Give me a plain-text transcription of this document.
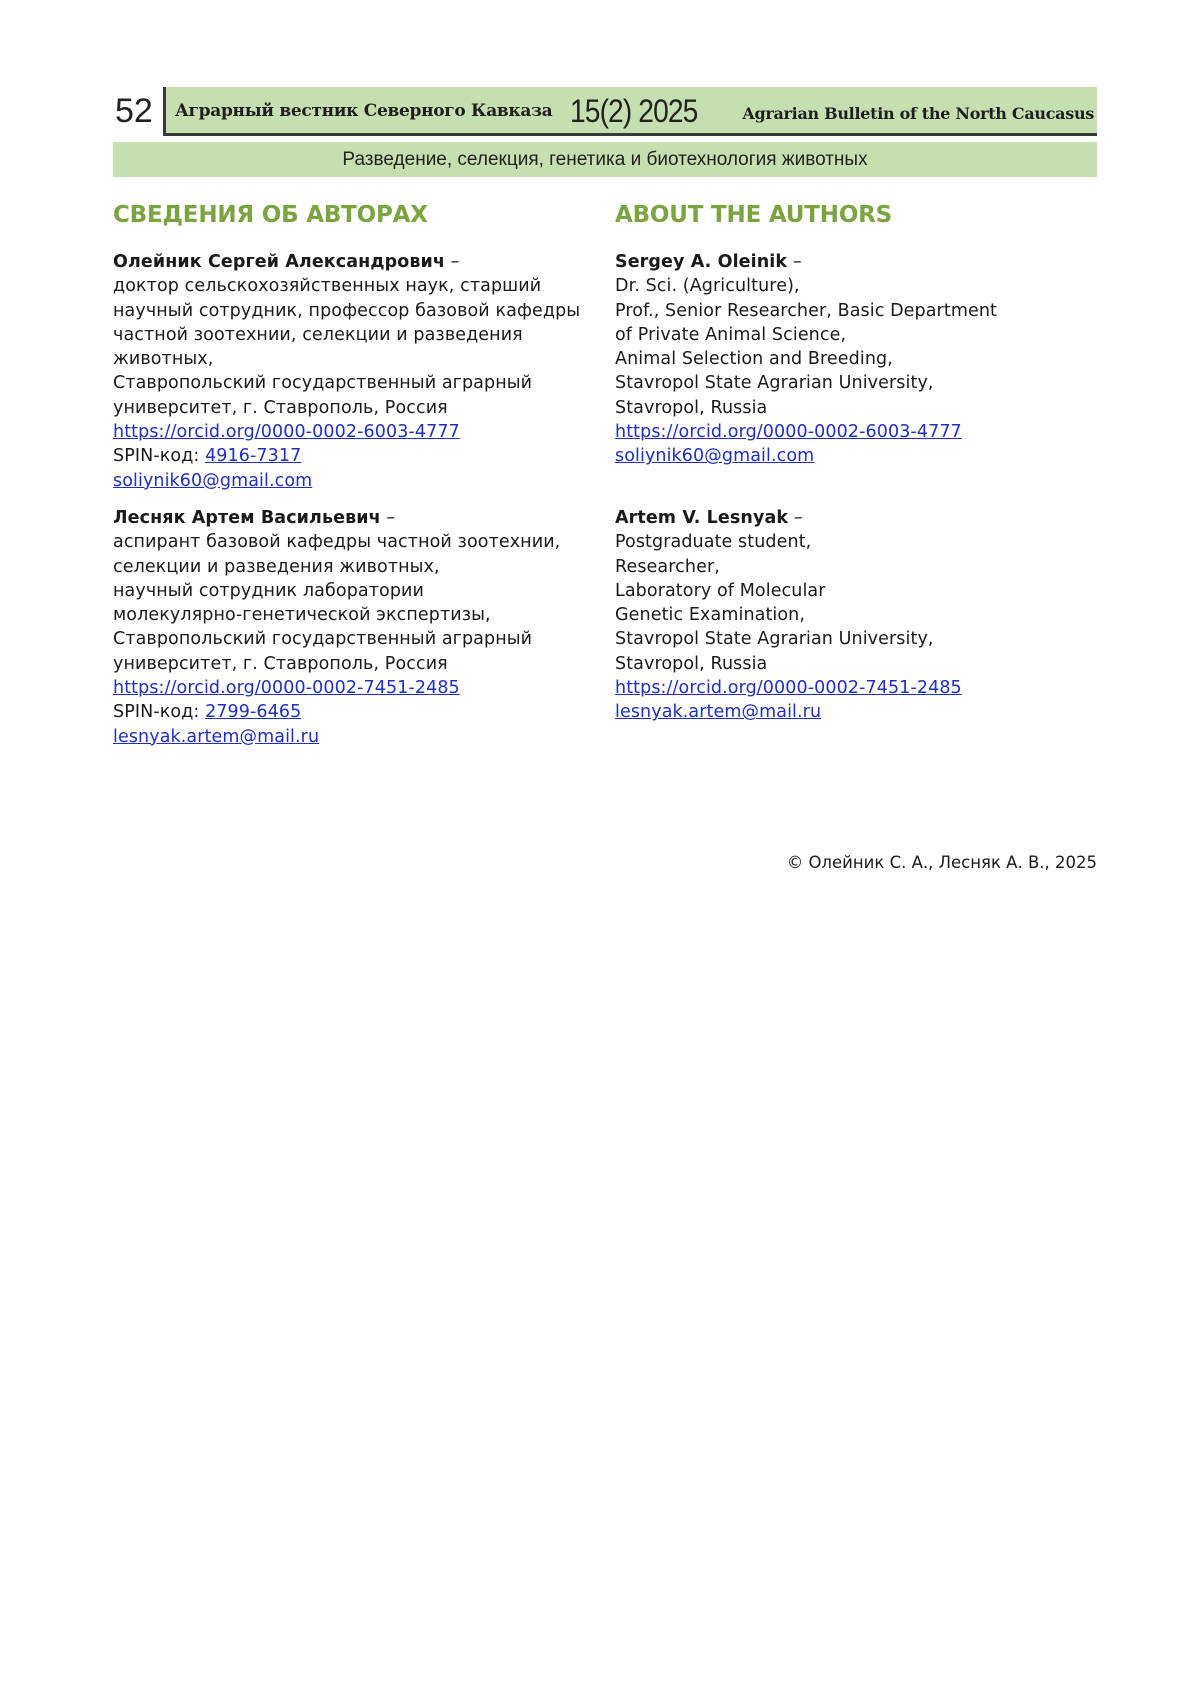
52	Аграрный вестник Северного Кавказа 15(2) 2025	Agrarian Bulletin of the North Caucasus
Разведение, селекция, генетика и биотехнология животных
СВЕДЕНИЯ ОБ АВТОРАХ
Олейник Сергей Александрович –
доктор сельскохозяйственных наук, старший
научный сотрудник, профессор базовой кафедры
частной зоотехнии, селекции и разведения
животных,
Ставропольский государственный аграрный
университет, г. Ставрополь, Россия
https://orcid.org/0000-0002-6003-4777
SPIN-код: 4916-7317
soliynik60@gmail.com
Лесняк Артем Васильевич –
аспирант базовой кафедры частной зоотехнии,
селекции и разведения животных,
научный сотрудник лаборатории
молекулярно-генетической экспертизы,
Ставропольский государственный аграрный
университет, г. Ставрополь, Россия
https://orcid.org/0000-0002-7451-2485
SPIN-код: 2799-6465
lesnyak.artem@mail.ru
ABOUT THE AUTHORS
Sergey A. Oleinik –
Dr. Sci. (Agriculture),
Prof., Senior Researcher, Basic Department
of Private Animal Science,
Animal Selection and Breeding,
Stavropol State Agrarian University,
Stavropol, Russia
https://orcid.org/0000-0002-6003-4777
soliynik60@gmail.com
Artem V. Lesnyak –
Postgraduate student,
Researcher,
Laboratory of Molecular
Genetic Examination,
Stavropol State Agrarian University,
Stavropol, Russia
https://orcid.org/0000-0002-7451-2485
lesnyak.artem@mail.ru
© Олейник С. А., Лесняк А. В., 2025
